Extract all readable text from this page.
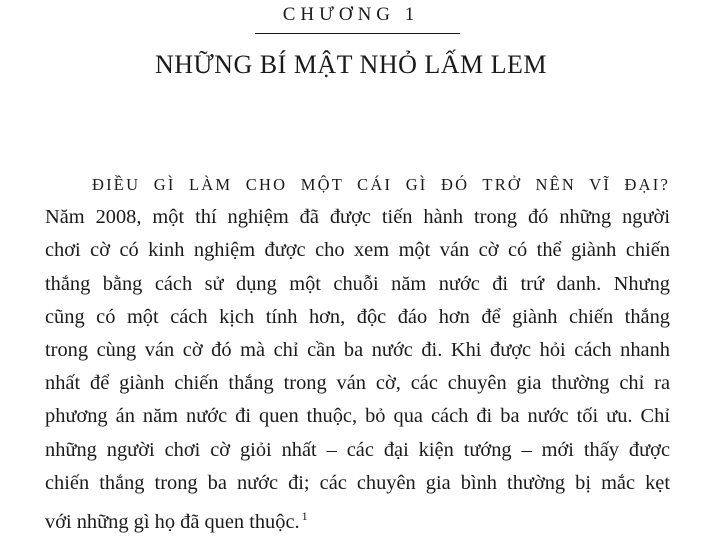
CHƯƠNG 1
NHỮNG BÍ MẬT NHỎ LẤM LEM
ĐIỀU GÌ LÀM CHO MỘT CÁI GÌ ĐÓ TRỞ NÊN VĨ ĐẠI?
Năm 2008, một thí nghiệm đã được tiến hành trong đó những người
chơi cờ có kinh nghiệm được cho xem một ván cờ có thể giành chiến
thắng bằng cách sử dụng một chuỗi năm nước đi trứ danh. Nhưng
cũng có một cách kịch tính hơn, độc đáo hơn để giành chiến thắng
trong cùng ván cờ đó mà chỉ cần ba nước đi. Khi được hỏi cách nhanh
nhất để giành chiến thắng trong ván cờ, các chuyên gia thường chỉ ra
phương án năm nước đi quen thuộc, bỏ qua cách đi ba nước tối ưu. Chỉ
những người chơi cờ giỏi nhất – các đại kiện tướng – mới thấy được
chiến thắng trong ba nước đi; các chuyên gia bình thường bị mắc kẹt
với những gì họ đã quen thuộc. $^1$
